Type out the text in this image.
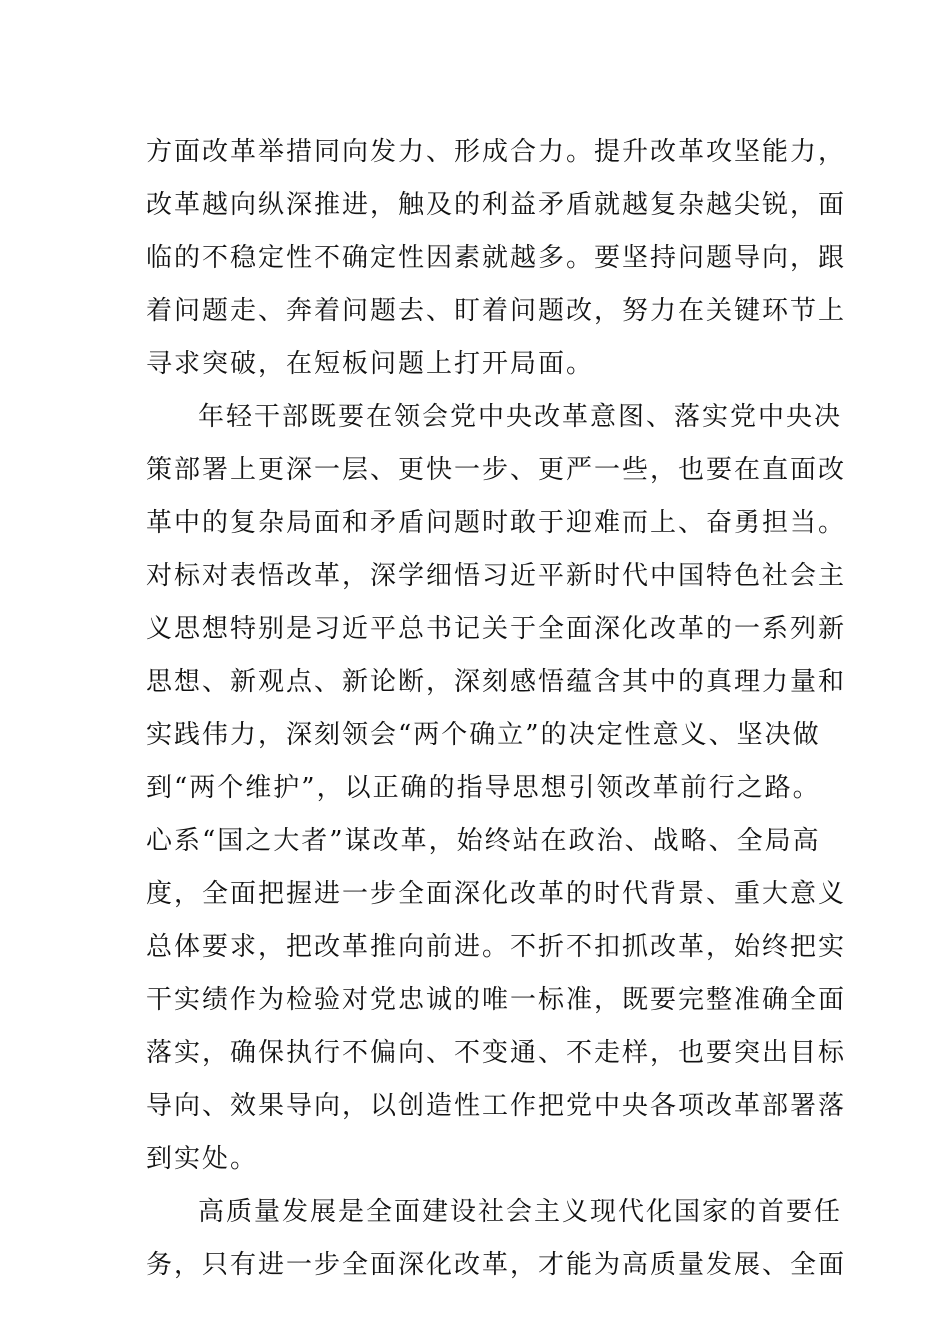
方面改革举措同向发力、形成合力。提升改革攻坚能力，
改革越向纵深推进，触及的利益矛盾就越复杂越尖锐，面
临的不稳定性不确定性因素就越多。要坚持问题导向，跟
着问题走、奔着问题去、盯着问题改，努力在关键环节上
寻求突破，在短板问题上打开局面。
年轻干部既要在领会党中央改革意图、落实党中央决
策部署上更深一层、更快一步、更严一些，也要在直面改
革中的复杂局面和矛盾问题时敢于迎难而上、奋勇担当。
对标对表悟改革，深学细悟习近平新时代中国特色社会主
义思想特别是习近平总书记关于全面深化改革的一系列新
思想、新观点、新论断，深刻感悟蕴含其中的真理力量和
实践伟力，深刻领会“两个确立”的决定性意义、坚决做
到“两个维护”，以正确的指导思想引领改革前行之路。
心系“国之大者”谋改革，始终站在政治、战略、全局高
度，全面把握进一步全面深化改革的时代背景、重大意义
总体要求，把改革推向前进。不折不扣抓改革，始终把实
干实绩作为检验对党忠诚的唯一标准，既要完整准确全面
落实，确保执行不偏向、不变通、不走样，也要突出目标
导向、效果导向，以创造性工作把党中央各项改革部署落
到实处。
高质量发展是全面建设社会主义现代化国家的首要任
务，只有进一步全面深化改革，才能为高质量发展、全面
